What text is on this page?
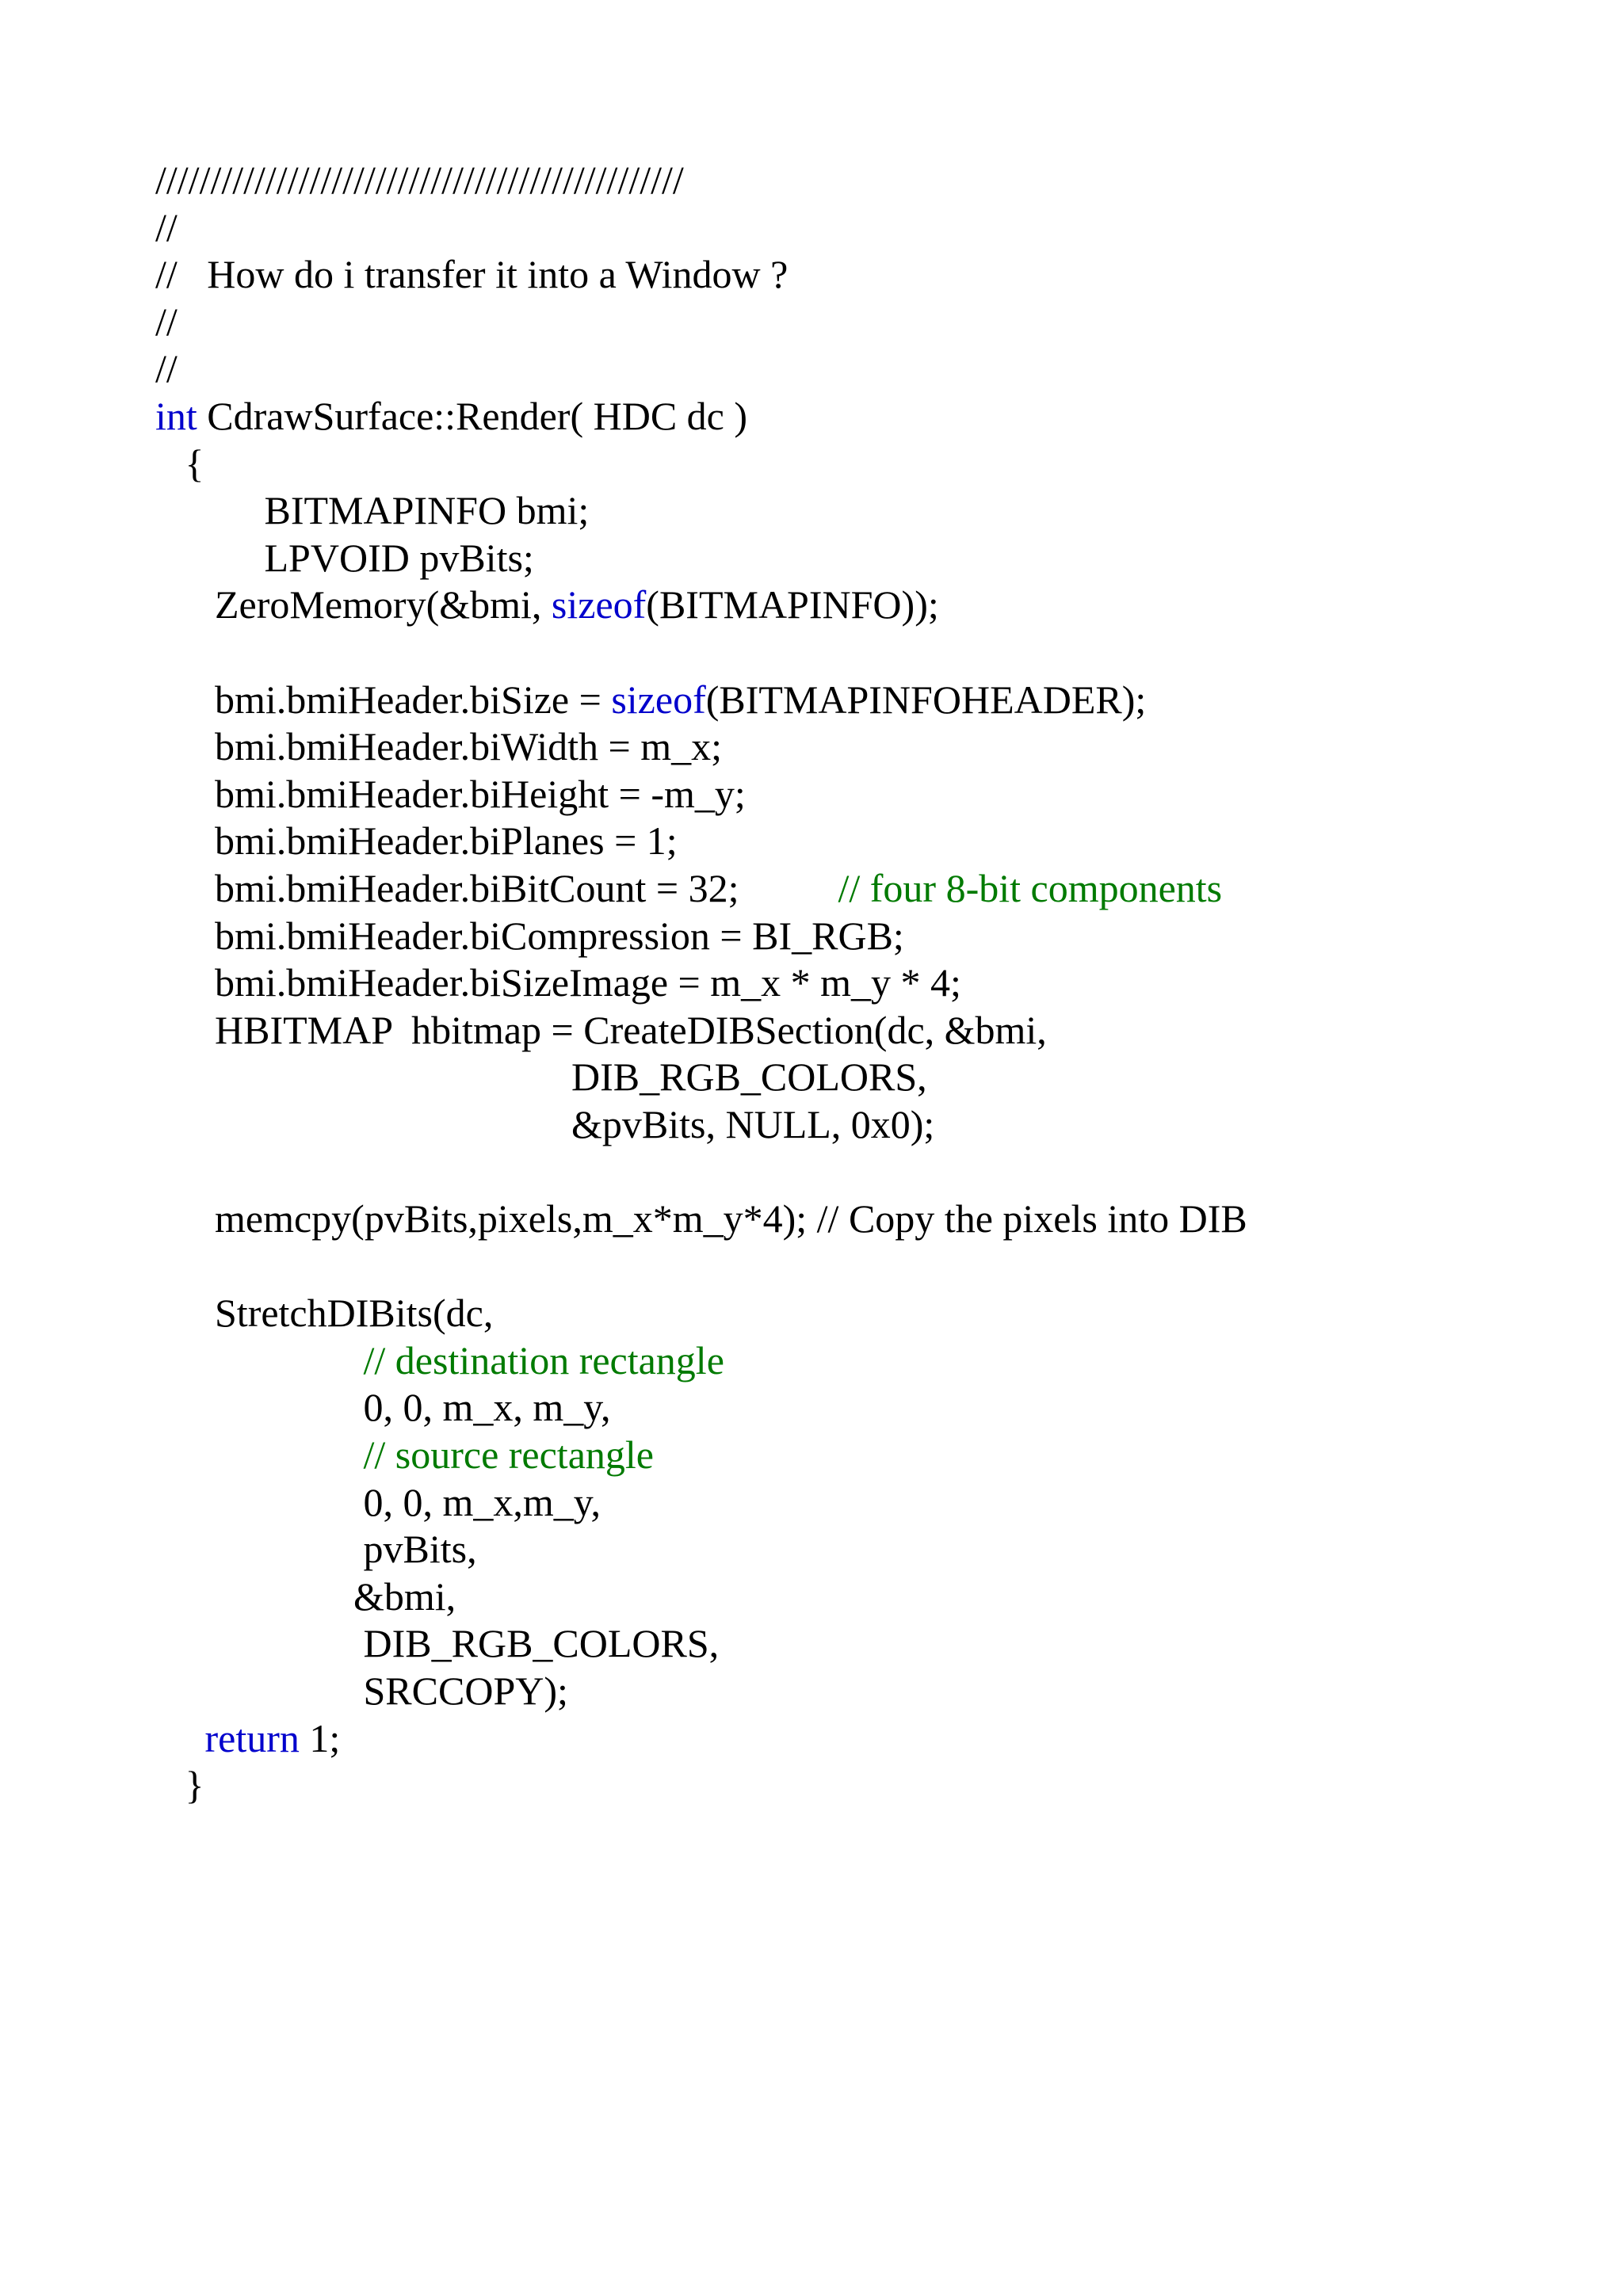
////////////////////////////////////////////////
//
//   How do i transfer it into a Window ?
//
//
int CdrawSurface::Render( HDC dc )
{
BITMAPINFO bmi;
LPVOID pvBits;
ZeroMemory(&bmi, sizeof(BITMAPINFO));

bmi.bmiHeader.biSize = sizeof(BITMAPINFOHEADER);
bmi.bmiHeader.biWidth = m_x;
bmi.bmiHeader.biHeight = -m_y;
bmi.bmiHeader.biPlanes = 1;
bmi.bmiHeader.biBitCount = 32;          // four 8-bit components
bmi.bmiHeader.biCompression = BI_RGB;
bmi.bmiHeader.biSizeImage = m_x * m_y * 4;
HBITMAP  hbitmap = CreateDIBSection(dc, &bmi,
DIB_RGB_COLORS,
&pvBits, NULL, 0x0);

memcpy(pvBits,pixels,m_x*m_y*4); // Copy the pixels into DIB

StretchDIBits(dc,
// destination rectangle
0, 0, m_x, m_y,
// source rectangle
0, 0, m_x,m_y,
pvBits,
&bmi,
DIB_RGB_COLORS,
SRCCOPY);
return 1;
}
